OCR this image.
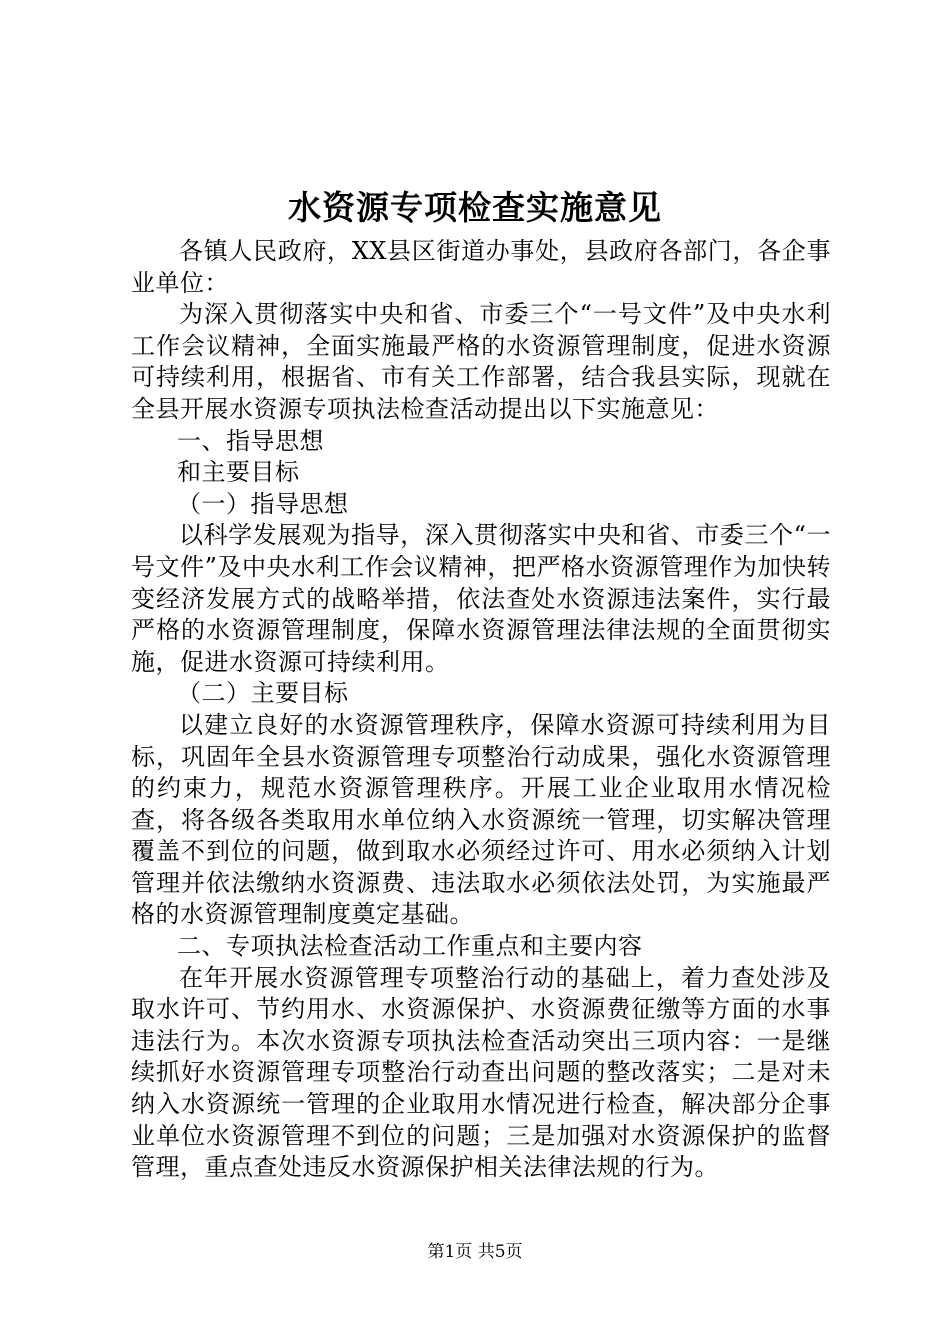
水资源专项检查实施意见

各镇人民政府，XX县区街道办事处，县政府各部门，各企事业单位：

为深入贯彻落实中央和省、市委三个“一号文件”及中央水利工作会议精神，全面实施最严格的水资源管理制度，促进水资源可持续利用，根据省、市有关工作部署，结合我县实际，现就在全县开展水资源专项执法检查活动提出以下实施意见：

一、指导思想

和主要目标

（一）指导思想

以科学发展观为指导，深入贯彻落实中央和省、市委三个“一号文件”及中央水利工作会议精神，把严格水资源管理作为加快转变经济发展方式的战略举措，依法查处水资源违法案件，实行最严格的水资源管理制度，保障水资源管理法律法规的全面贯彻实施，促进水资源可持续利用。

（二）主要目标

以建立良好的水资源管理秩序，保障水资源可持续利用为目标，巩固年全县水资源管理专项整治行动成果，强化水资源管理的约束力，规范水资源管理秩序。开展工业企业取用水情况检查，将各级各类取用水单位纳入水资源统一管理，切实解决管理覆盖不到位的问题，做到取水必须经过许可、用水必须纳入计划管理并依法缴纳水资源费、违法取水必须依法处罚，为实施最严格的水资源管理制度奠定基础。

二、专项执法检查活动工作重点和主要内容

在年开展水资源管理专项整治行动的基础上，着力查处涉及取水许可、节约用水、水资源保护、水资源费征缴等方面的水事违法行为。本次水资源专项执法检查活动突出三项内容：一是继续抓好水资源管理专项整治行动查出问题的整改落实；二是对未纳入水资源统一管理的企业取用水情况进行检查，解决部分企事业单位水资源管理不到位的问题；三是加强对水资源保护的监督管理，重点查处违反水资源保护相关法律法规的行为。

第1页 共5页
